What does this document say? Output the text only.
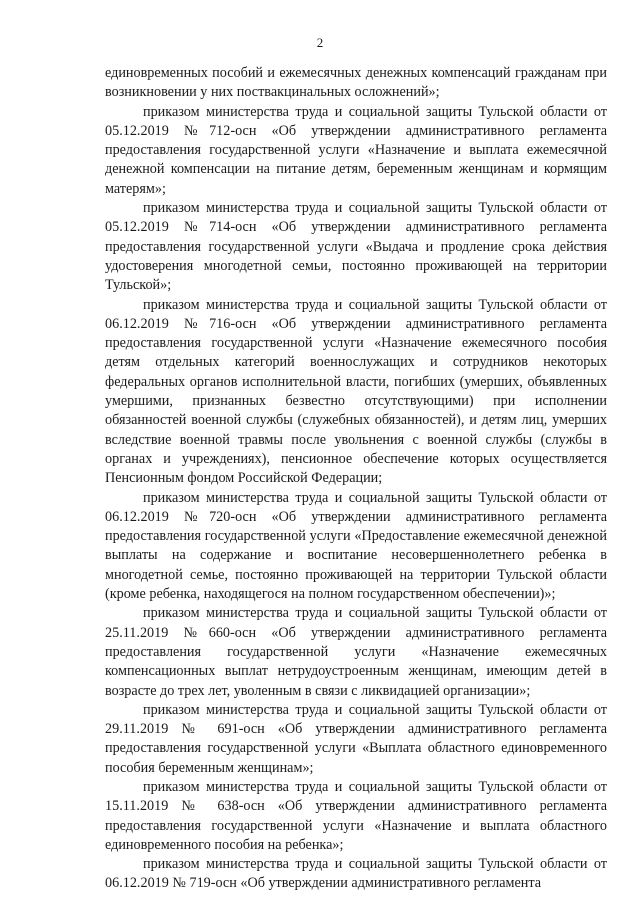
2

единовременных пособий и ежемесячных денежных компенсаций гражданам при возникновении у них поствакцинальных осложнений»;

приказом министерства труда и социальной защиты Тульской области от 05.12.2019 №712-осн «Об утверждении административного регламента предоставления государственной услуги «Назначение и выплата ежемесячной денежной компенсации на питание детям, беременным женщинам и кормящим матерям»;

приказом министерства труда и социальной защиты Тульской области от 05.12.2019 №714-осн «Об утверждении административного регламента предоставления государственной услуги «Выдача и продление срока действия удостоверения многодетной семьи, постоянно проживающей на территории Тульской»;

приказом министерства труда и социальной защиты Тульской области от 06.12.2019 №716-осн «Об утверждении административного регламента предоставления государственной услуги «Назначение ежемесячного пособия детям отдельных категорий военнослужащих и сотрудников некоторых федеральных органов исполнительной власти, погибших (умерших, объявленных умершими, признанных безвестно отсутствующими) при исполнении обязанностей военной службы (служебных обязанностей), и детям лиц, умерших вследствие военной травмы после увольнения с военной службы (службы в органах и учреждениях), пенсионное обеспечение которых осуществляется Пенсионным фондом Российской Федерации;

приказом министерства труда и социальной защиты Тульской области от 06.12.2019 №720-осн «Об утверждении административного регламента предоставления государственной услуги «Предоставление ежемесячной денежной выплаты на содержание и воспитание несовершеннолетнего ребенка в многодетной семье, постоянно проживающей на территории Тульской области (кроме ребенка, находящегося на полном государственном обеспечении)»;

приказом министерства труда и социальной защиты Тульской области от 25.11.2019 №660-осн «Об утверждении административного регламента предоставления государственной услуги «Назначение ежемесячных компенсационных выплат нетрудоустроенным женщинам, имеющим детей в возрасте до трех лет, уволенным в связи с ликвидацией организации»;

приказом министерства труда и социальной защиты Тульской области от 29.11.2019 № 691-осн «Об утверждении административного регламента предоставления государственной услуги «Выплата областного единовременного пособия беременным женщинам»;

приказом министерства труда и социальной защиты Тульской области от 15.11.2019 № 638-осн «Об утверждении административного регламента предоставления государственной услуги «Назначение и выплата областного единовременного пособия на ребенка»;

приказом министерства труда и социальной защиты Тульской области от 06.12.2019 № 719-осн «Об утверждении административного регламента
